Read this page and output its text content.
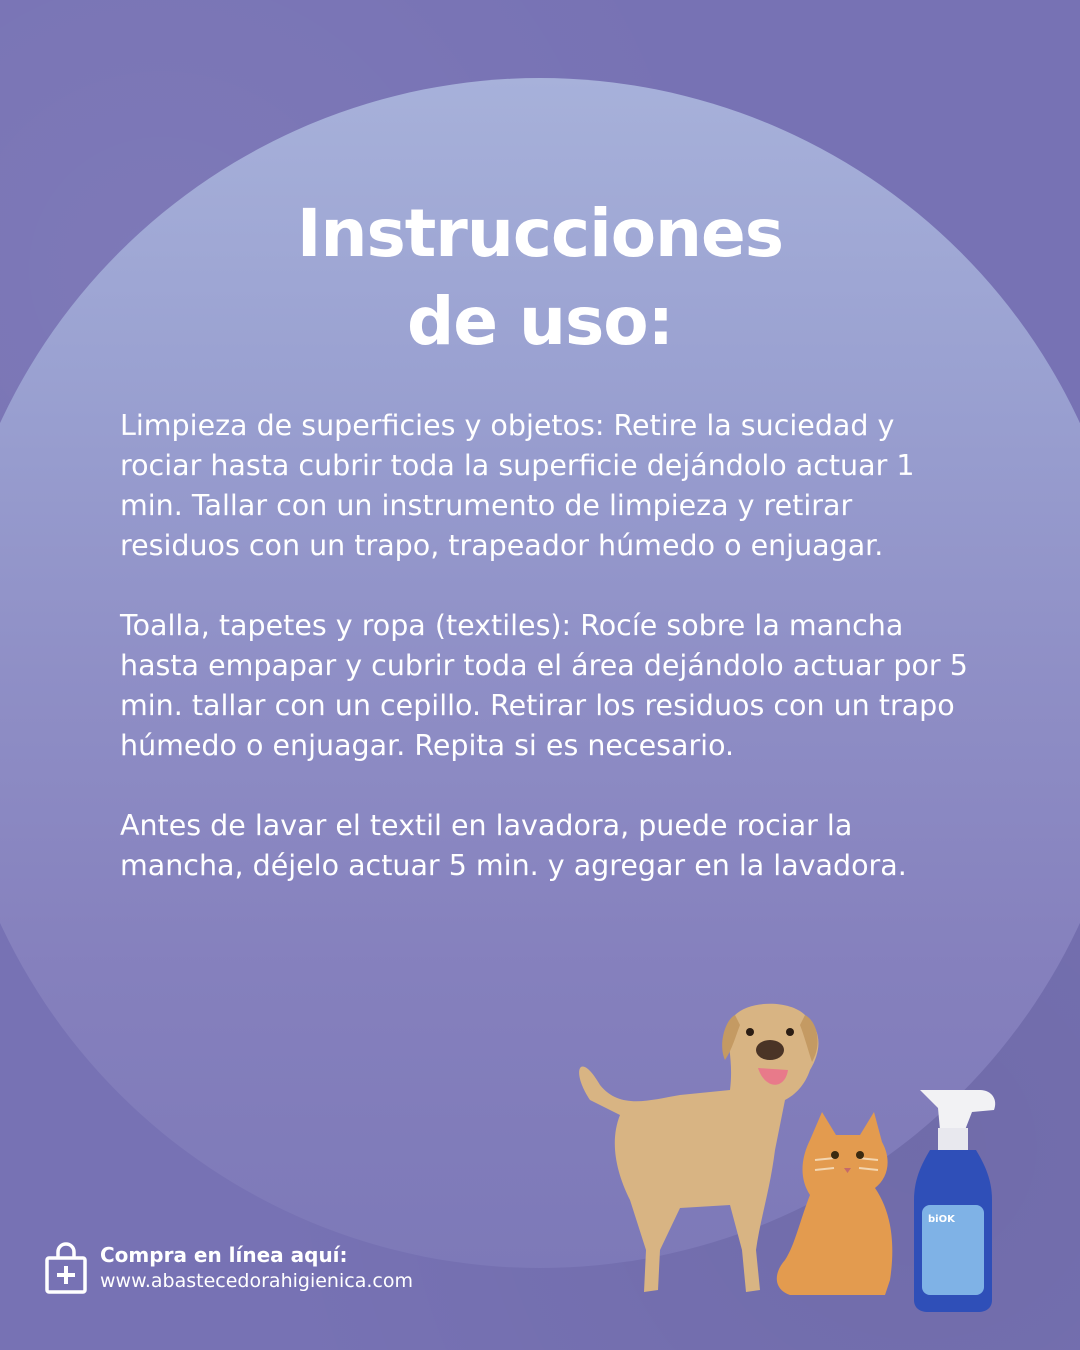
Instrucciones
de uso:

Limpieza de superficies y objetos: Retire la suciedad y rociar hasta cubrir toda la superficie dejándolo actuar 1 min. Tallar con un instrumento de limpieza y retirar residuos con un trapo, trapeador húmedo o enjuagar.

Toalla, tapetes y ropa (textiles): Rocíe sobre la mancha hasta empapar y cubrir toda el área dejándolo actuar por 5 min. tallar con un cepillo. Retirar los residuos con un trapo húmedo o enjuagar. Repita si es necesario.

Antes de lavar el textil en lavadora, puede rociar la mancha, déjelo actuar 5 min. y agregar en la lavadora.

biOK
Compra en línea aquí:
www.abastecedorahigienica.com
